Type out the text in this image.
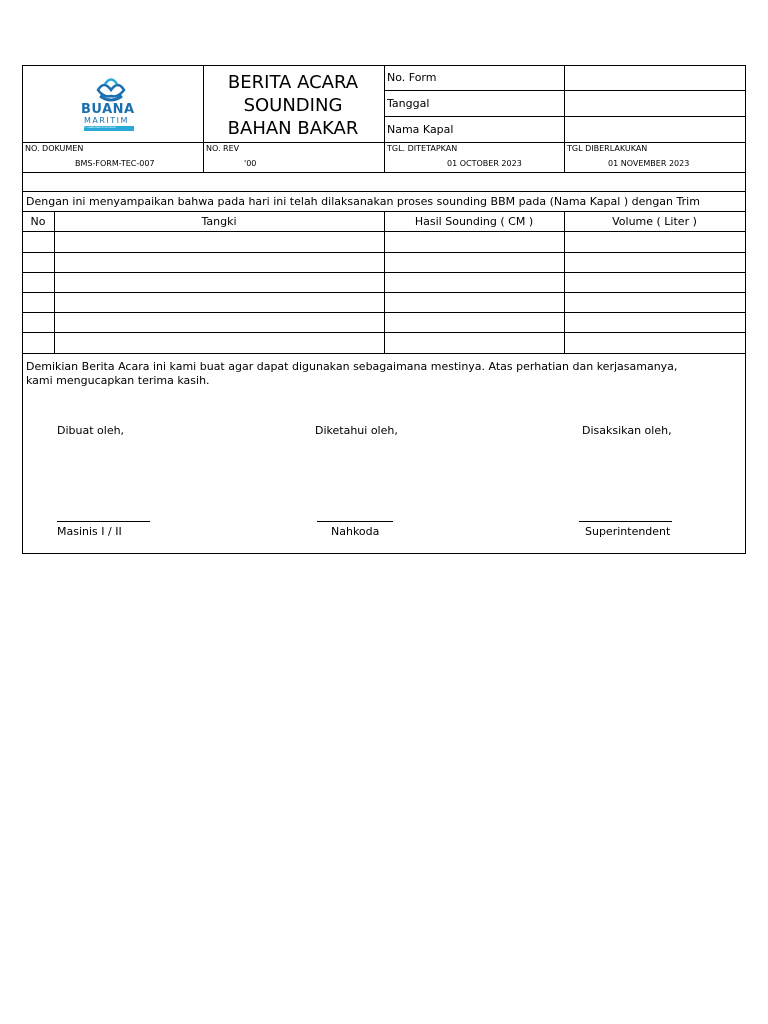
BUANA
MARITIM
PT. BUANA MARITIM INDONESIA
BERITA ACARA
SOUNDING
BAHAN BAKAR
No. Form
Tanggal
Nama Kapal
NO. DOKUMEN
BMS-FORM-TEC-007
NO. REV
'00
TGL. DITETAPKAN
01 OCTOBER 2023
TGL DIBERLAKUKAN
01 NOVEMBER 2023
Dengan ini menyampaikan bahwa pada hari ini telah dilaksanakan proses sounding BBM pada (Nama Kapal ) dengan Trim
No	Tangki	Hasil Sounding ( CM )	Volume ( Liter )
Demikian Berita Acara ini kami buat agar dapat digunakan sebagaimana mestinya. Atas perhatian dan kerjasamanya,
kami mengucapkan terima kasih.
Dibuat oleh,	Diketahui oleh,	Disaksikan oleh,
Masinis I / II	Nahkoda	Superintendent
